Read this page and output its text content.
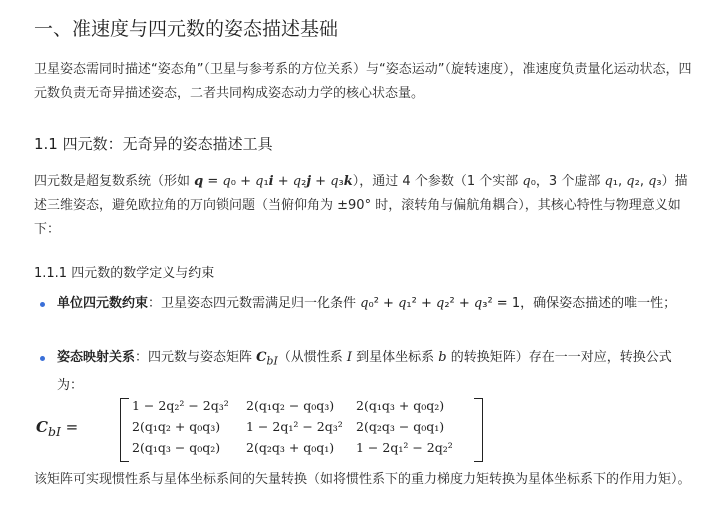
一、准速度与四元数的姿态描述基础

卫星姿态需同时描述“姿态角”（卫星与参考系的方位关系）与“姿态运动”（旋转速度），准速度负责量化运动状态，四元数负责无奇异描述姿态，二者共同构成姿态动力学的核心状态量。

1.1 四元数：无奇异的姿态描述工具

四元数是超复数系统（形如 q = q₀ + q₁i + q₂j + q₃k），通过 4 个参数（1 个实部 q₀，3 个虚部 q₁, q₂, q₃）描述三维姿态，避免欧拉角的万向锁问题（当俯仰角为 ±90° 时，滚转角与偏航角耦合），其核心特性与物理意义如下：

1.1.1 四元数的数学定义与约束
单位四元数约束：卫星姿态四元数需满足归一化条件 q₀² + q₁² + q₂² + q₃² = 1，确保姿态描述的唯一性；
姿态映射关系：四元数与姿态矩阵 $C_{bI}$（从惯性系 I 到星体坐标系 b 的转换矩阵）存在一一对应，转换公式为：
$C_{bI}$ =
1 − 2q₂² − 2q₃²	2(q₁q₂ − q₀q₃)	2(q₁q₃ + q₀q₂)
2(q₁q₂ + q₀q₃)	1 − 2q₁² − 2q₃²	2(q₂q₃ − q₀q₁)
2(q₁q₃ − q₀q₂)	2(q₂q₃ + q₀q₁)	1 − 2q₁² − 2q₂²

该矩阵可实现惯性系与星体坐标系间的矢量转换（如将惯性系下的重力梯度力矩转换为星体坐标系下的作用力矩）。
